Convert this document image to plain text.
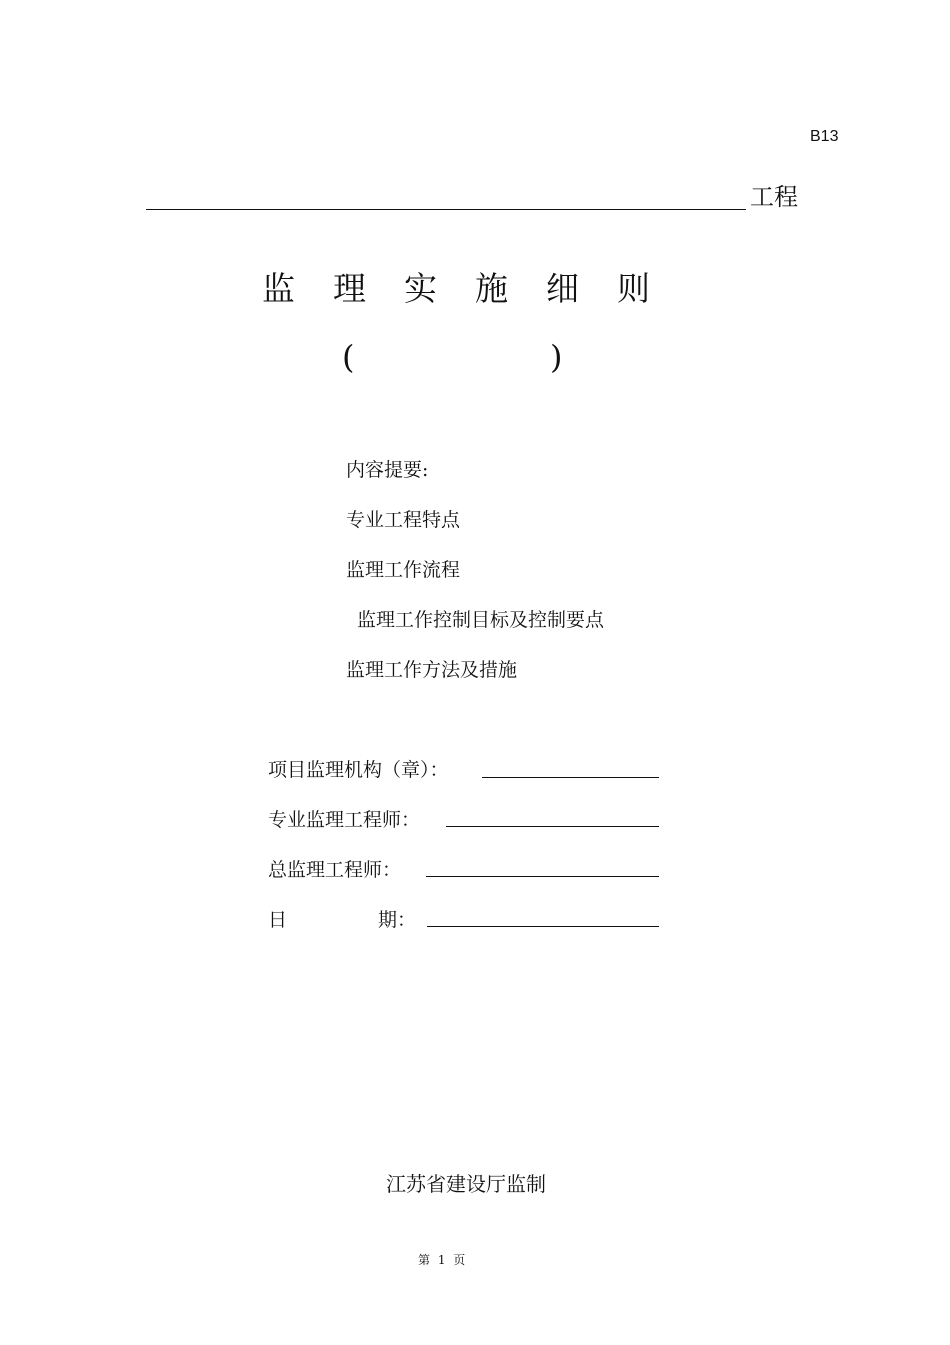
B13
工程
监理实施细则
(	)
内容提要:
专业工程特点
监理工作流程
监理工作控制目标及控制要点
监理工作方法及措施
项目监理机构（章）：
专业监理工程师：
总监理工程师：
日	期：
江苏省建设厅监制
第 1 页
